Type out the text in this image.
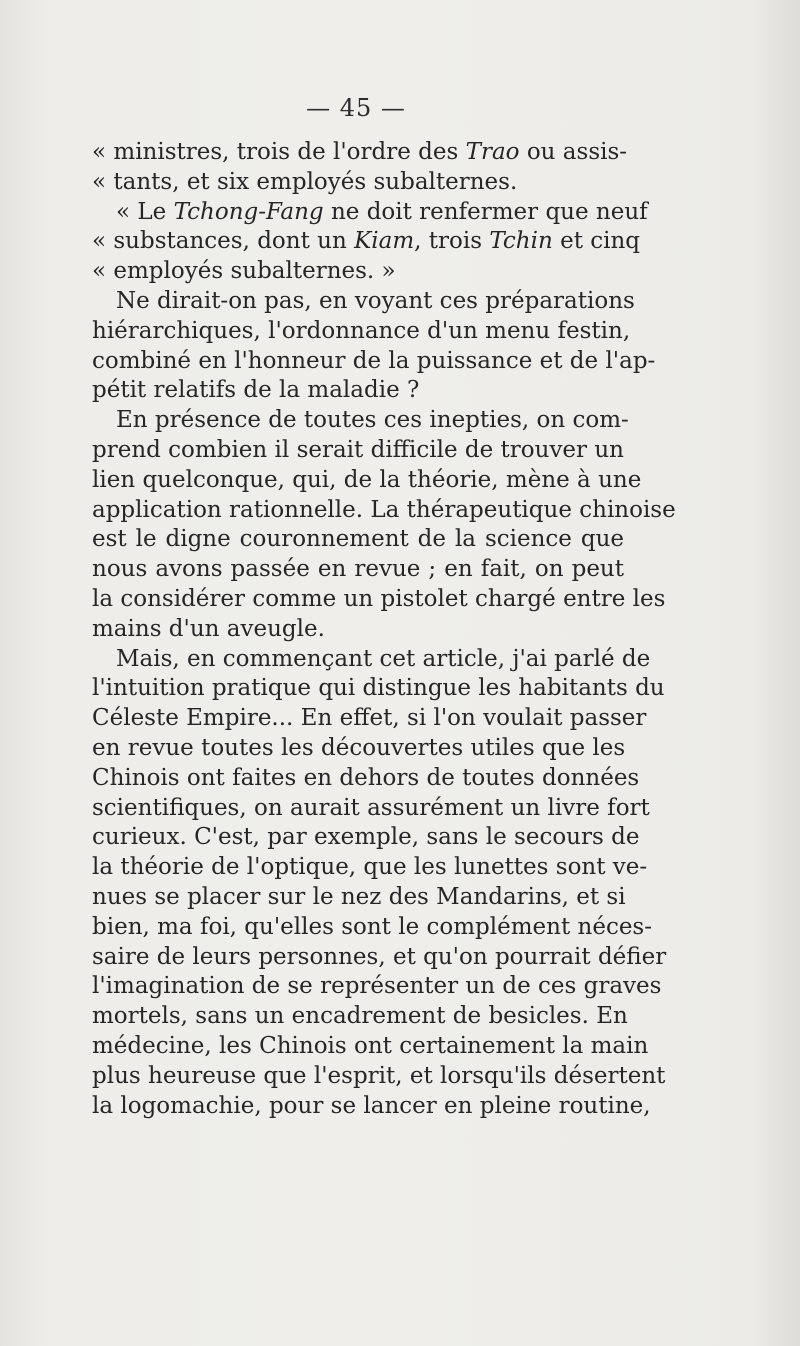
— 45 —
« ministres, trois de l'ordre des Trao ou assis-
« tants, et six employés subalternes.
« Le Tchong-Fang ne doit renfermer que neuf
« substances, dont un Kiam, trois Tchin et cinq
« employés subalternes. »
Ne dirait-on pas, en voyant ces préparations
hiérarchiques, l'ordonnance d'un menu festin,
combiné en l'honneur de la puissance et de l'ap-
pétit relatifs de la maladie ?
En présence de toutes ces inepties, on com-
prend combien il serait difficile de trouver un
lien quelconque, qui, de la théorie, mène à une
application rationnelle. La thérapeutique chinoise
est le digne couronnement de la science que
nous avons passée en revue ; en fait, on peut
la considérer comme un pistolet chargé entre les
mains d'un aveugle.
Mais, en commençant cet article, j'ai parlé de
l'intuition pratique qui distingue les habitants du
Céleste Empire... En effet, si l'on voulait passer
en revue toutes les découvertes utiles que les
Chinois ont faites en dehors de toutes données
scientifiques, on aurait assurément un livre fort
curieux. C'est, par exemple, sans le secours de
la théorie de l'optique, que les lunettes sont ve-
nues se placer sur le nez des Mandarins, et si
bien, ma foi, qu'elles sont le complément néces-
saire de leurs personnes, et qu'on pourrait défier
l'imagination de se représenter un de ces graves
mortels, sans un encadrement de besicles. En
médecine, les Chinois ont certainement la main
plus heureuse que l'esprit, et lorsqu'ils désertent
la logomachie, pour se lancer en pleine routine,
